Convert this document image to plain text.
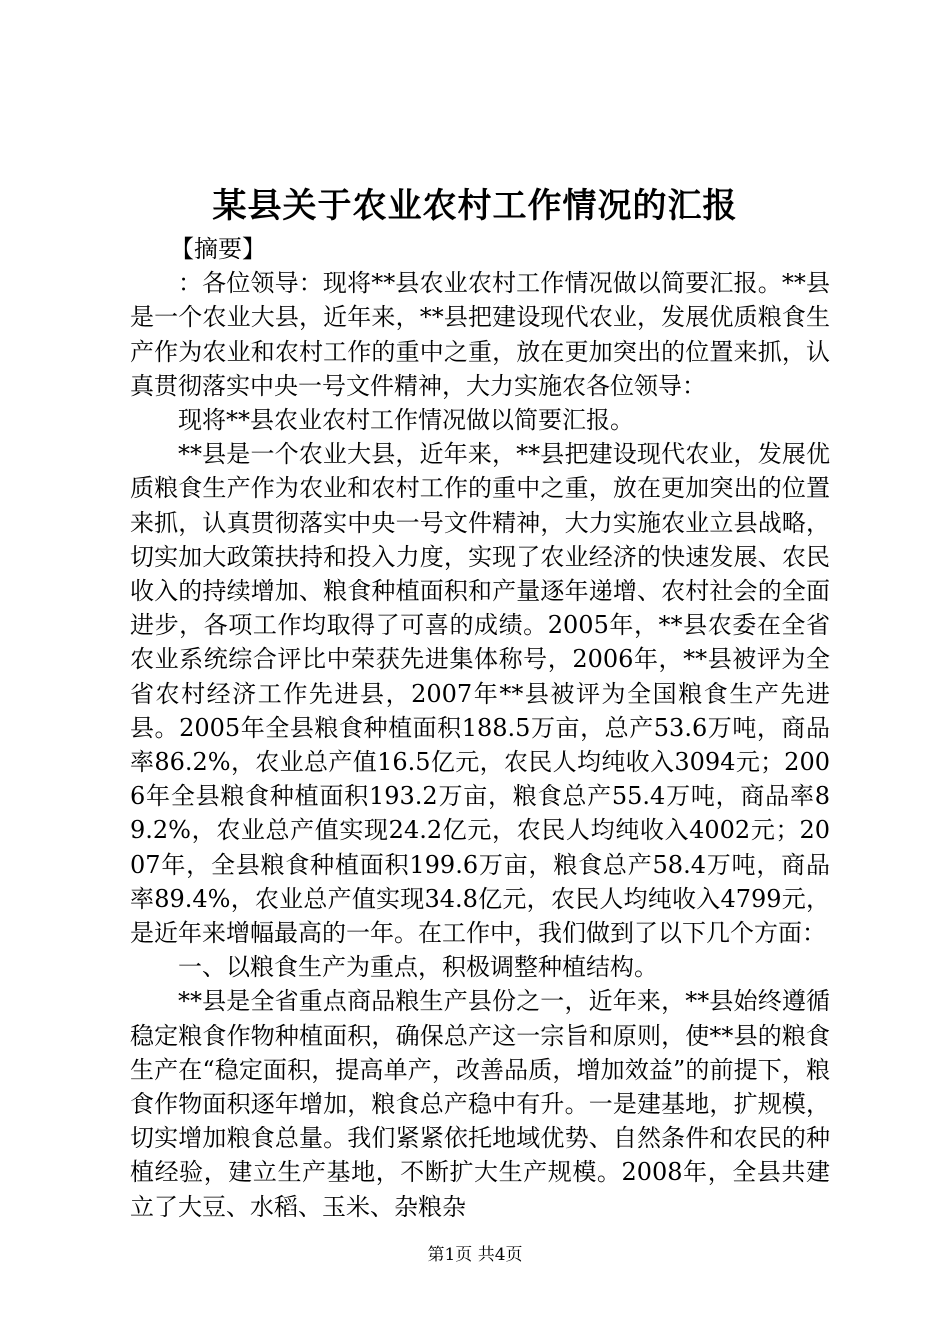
某县关于农业农村工作情况的汇报

【摘要】

：各位领导：现将**县农业农村工作情况做以简要汇报。**县是一个农业大县，近年来，**县把建设现代农业，发展优质粮食生产作为农业和农村工作的重中之重，放在更加突出的位置来抓，认真贯彻落实中央一号文件精神，大力实施农各位领导：

现将**县农业农村工作情况做以简要汇报。

**县是一个农业大县，近年来，**县把建设现代农业，发展优质粮食生产作为农业和农村工作的重中之重，放在更加突出的位置来抓，认真贯彻落实中央一号文件精神，大力实施农业立县战略，切实加大政策扶持和投入力度，实现了农业经济的快速发展、农民收入的持续增加、粮食种植面积和产量逐年递增、农村社会的全面进步，各项工作均取得了可喜的成绩。2005年，**县农委在全省农业系统综合评比中荣获先进集体称号，2006年，**县被评为全省农村经济工作先进县，2007年**县被评为全国粮食生产先进县。2005年全县粮食种植面积188.5万亩，总产53.6万吨，商品率86.2%，农业总产值16.5亿元，农民人均纯收入3094元；2006年全县粮食种植面积193.2万亩，粮食总产55.4万吨，商品率89.2%，农业总产值实现24.2亿元，农民人均纯收入4002元；2007年，全县粮食种植面积199.6万亩，粮食总产58.4万吨，商品率89.4%，农业总产值实现34.8亿元，农民人均纯收入4799元，是近年来增幅最高的一年。在工作中，我们做到了以下几个方面：

一、以粮食生产为重点，积极调整种植结构。

**县是全省重点商品粮生产县份之一，近年来，**县始终遵循稳定粮食作物种植面积，确保总产这一宗旨和原则，使**县的粮食生产在“稳定面积，提高单产，改善品质，增加效益”的前提下，粮食作物面积逐年增加，粮食总产稳中有升。一是建基地，扩规模，切实增加粮食总量。我们紧紧依托地域优势、自然条件和农民的种植经验，建立生产基地，不断扩大生产规模。2008年，全县共建立了大豆、水稻、玉米、杂粮杂

第1页 共4页
